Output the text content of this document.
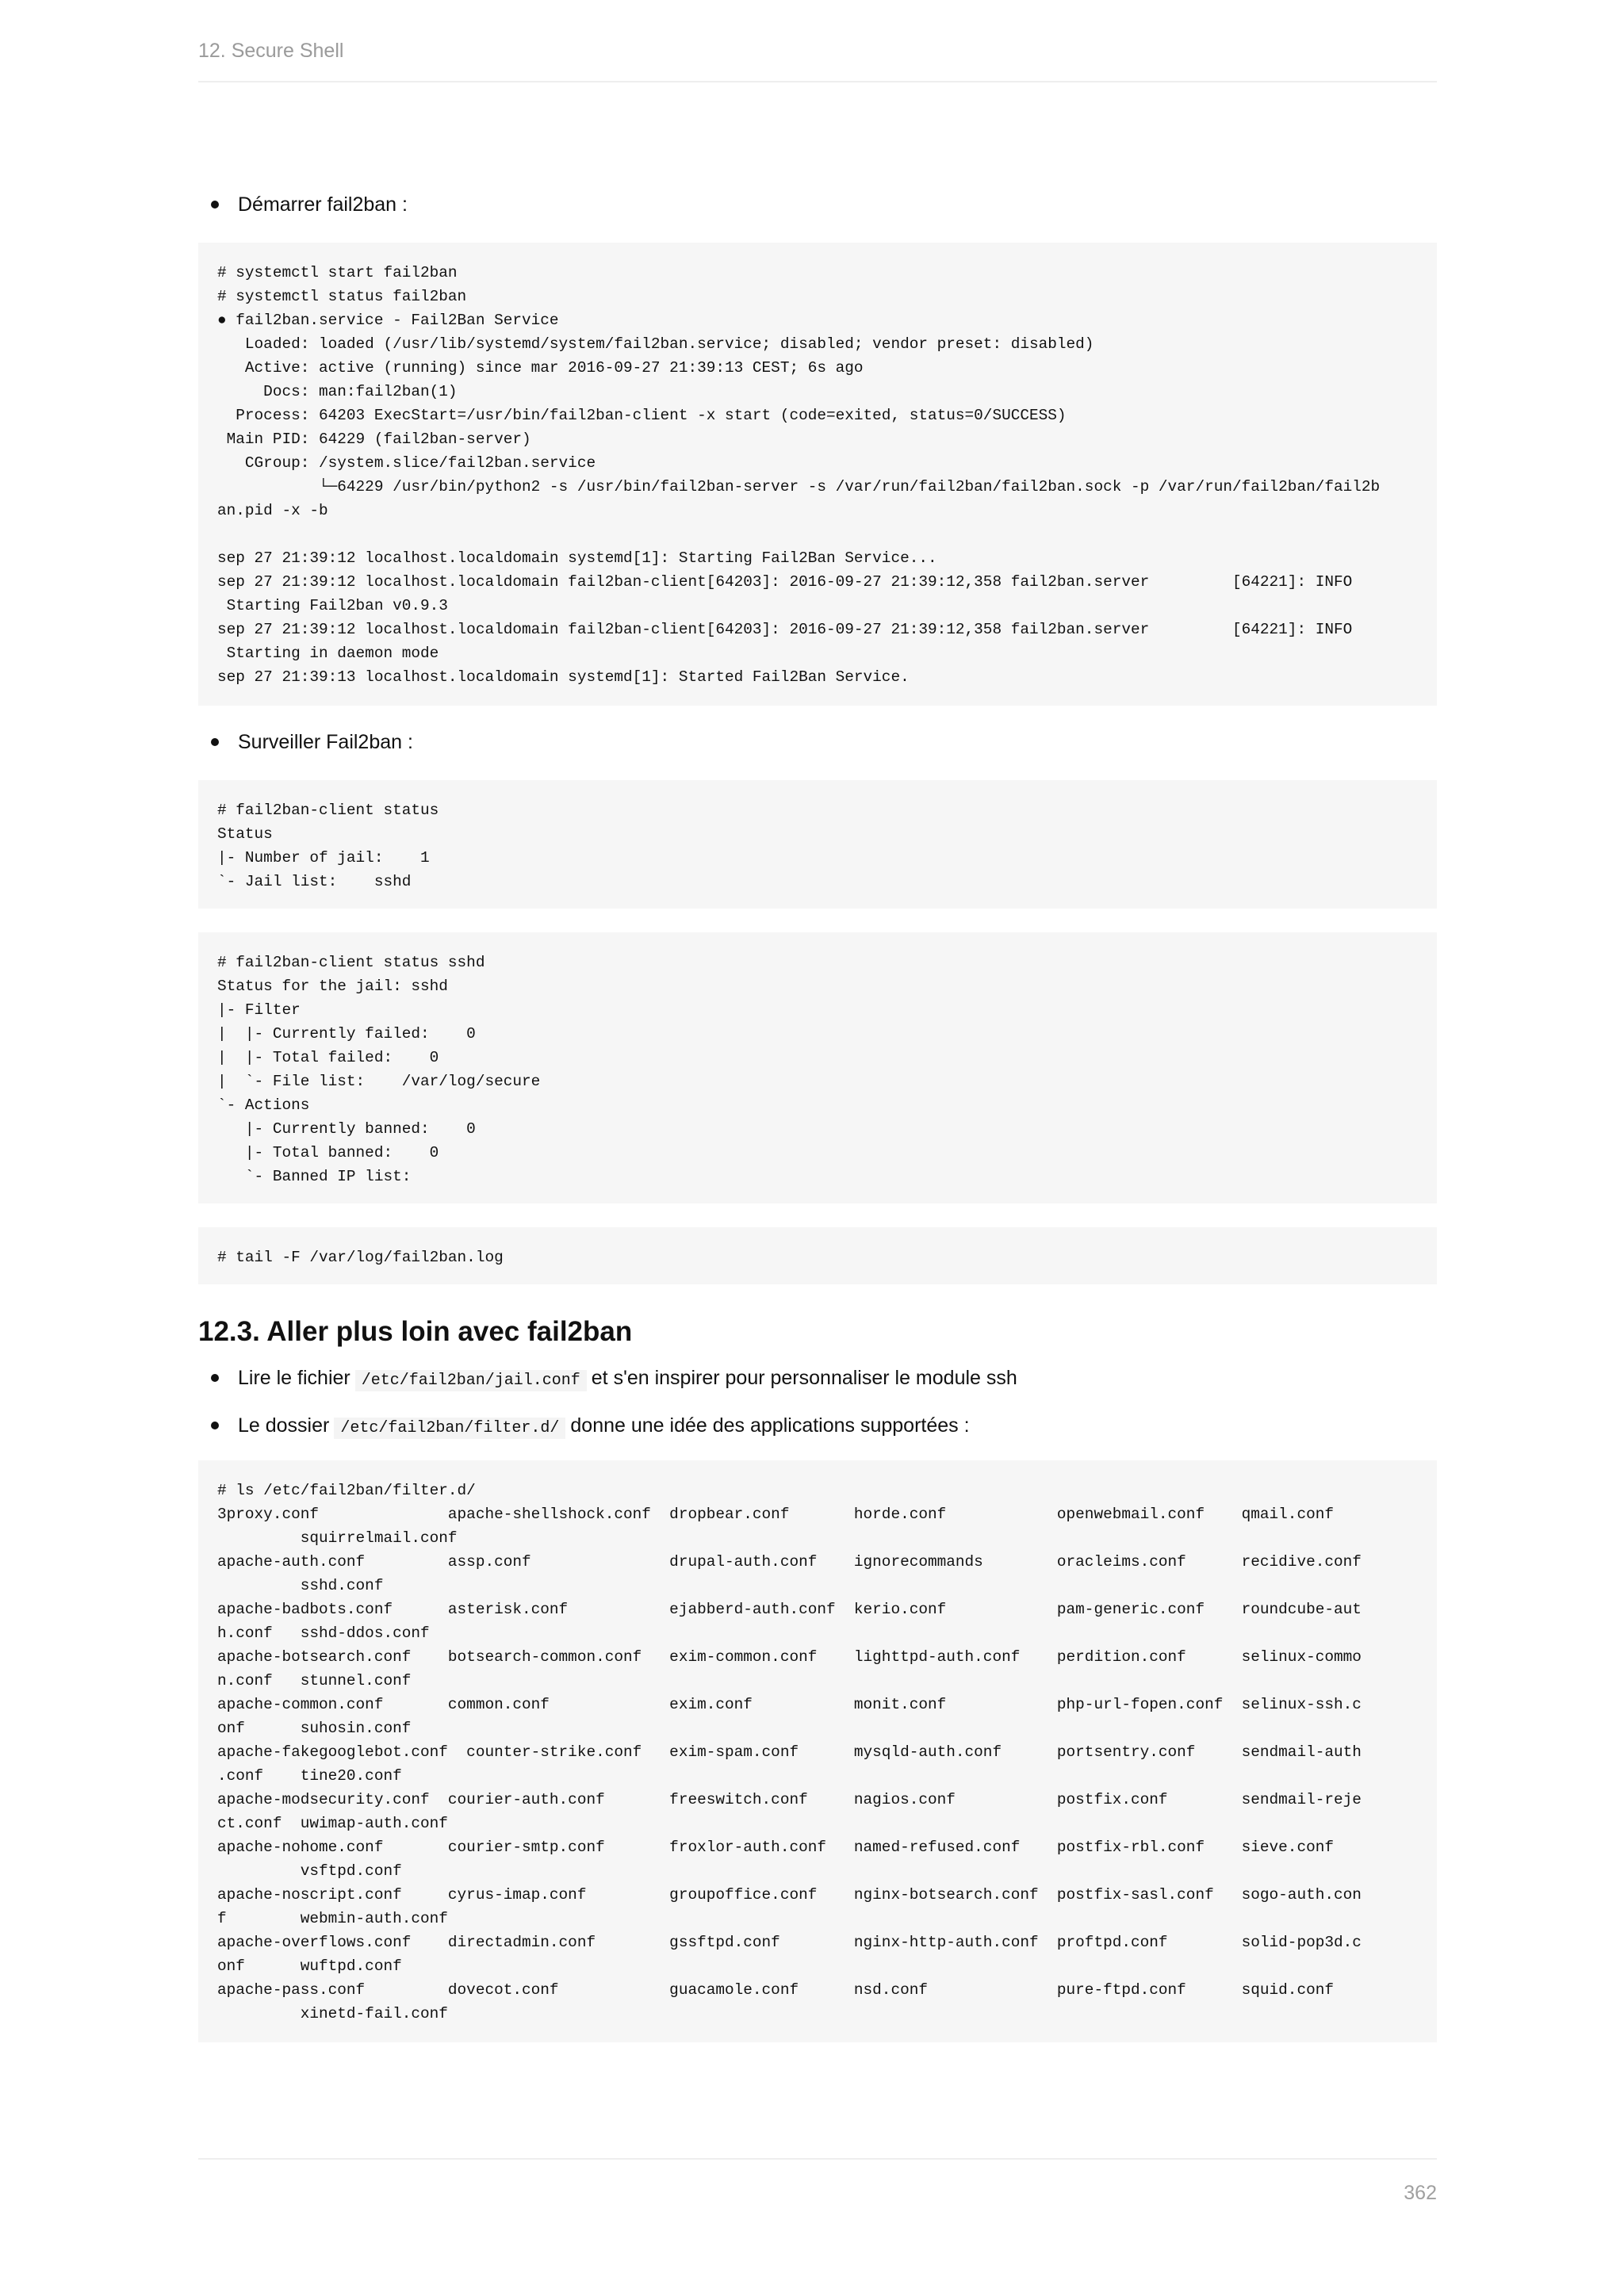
12. Secure Shell
Démarrer fail2ban :
# systemctl start fail2ban
# systemctl status fail2ban
● fail2ban.service - Fail2Ban Service
Loaded: loaded (/usr/lib/systemd/system/fail2ban.service; disabled; vendor preset: disabled)
Active: active (running) since mar 2016-09-27 21:39:13 CEST; 6s ago
Docs: man:fail2ban(1)
Process: 64203 ExecStart=/usr/bin/fail2ban-client -x start (code=exited, status=0/SUCCESS)
Main PID: 64229 (fail2ban-server)
CGroup: /system.slice/fail2ban.service
└─64229 /usr/bin/python2 -s /usr/bin/fail2ban-server -s /var/run/fail2ban/fail2ban.sock -p /var/run/fail2ban/fail2b
an.pid -x -b

sep 27 21:39:12 localhost.localdomain systemd[1]: Starting Fail2Ban Service...
sep 27 21:39:12 localhost.localdomain fail2ban-client[64203]: 2016-09-27 21:39:12,358 fail2ban.server         [64221]: INFO
Starting Fail2ban v0.9.3
sep 27 21:39:12 localhost.localdomain fail2ban-client[64203]: 2016-09-27 21:39:12,358 fail2ban.server         [64221]: INFO
Starting in daemon mode
sep 27 21:39:13 localhost.localdomain systemd[1]: Started Fail2Ban Service.
Surveiller Fail2ban :
# fail2ban-client status
Status
|- Number of jail:    1
`- Jail list:    sshd
# fail2ban-client status sshd
Status for the jail: sshd
|- Filter
|  |- Currently failed:    0
|  |- Total failed:    0
|  `- File list:    /var/log/secure
`- Actions
|- Currently banned:    0
|- Total banned:    0
`- Banned IP list:
# tail -F /var/log/fail2ban.log
12.3. Aller plus loin avec fail2ban
Lire le fichier /etc/fail2ban/jail.conf et s'en inspirer pour personnaliser le module ssh
Le dossier /etc/fail2ban/filter.d/ donne une idée des applications supportées :
# ls /etc/fail2ban/filter.d/
3proxy.conf              apache-shellshock.conf  dropbear.conf       horde.conf            openwebmail.conf    qmail.conf
squirrelmail.conf
apache-auth.conf         assp.conf               drupal-auth.conf    ignorecommands        oracleims.conf      recidive.conf
sshd.conf
apache-badbots.conf      asterisk.conf           ejabberd-auth.conf  kerio.conf            pam-generic.conf    roundcube-aut
h.conf   sshd-ddos.conf
apache-botsearch.conf    botsearch-common.conf   exim-common.conf    lighttpd-auth.conf    perdition.conf      selinux-commo
n.conf   stunnel.conf
apache-common.conf       common.conf             exim.conf           monit.conf            php-url-fopen.conf  selinux-ssh.c
onf      suhosin.conf
apache-fakegooglebot.conf  counter-strike.conf   exim-spam.conf      mysqld-auth.conf      portsentry.conf     sendmail-auth
.conf    tine20.conf
apache-modsecurity.conf  courier-auth.conf       freeswitch.conf     nagios.conf           postfix.conf        sendmail-reje
ct.conf  uwimap-auth.conf
apache-nohome.conf       courier-smtp.conf       froxlor-auth.conf   named-refused.conf    postfix-rbl.conf    sieve.conf
vsftpd.conf
apache-noscript.conf     cyrus-imap.conf         groupoffice.conf    nginx-botsearch.conf  postfix-sasl.conf   sogo-auth.con
f        webmin-auth.conf
apache-overflows.conf    directadmin.conf        gssftpd.conf        nginx-http-auth.conf  proftpd.conf        solid-pop3d.c
onf      wuftpd.conf
apache-pass.conf         dovecot.conf            guacamole.conf      nsd.conf              pure-ftpd.conf      squid.conf
xinetd-fail.conf
362
